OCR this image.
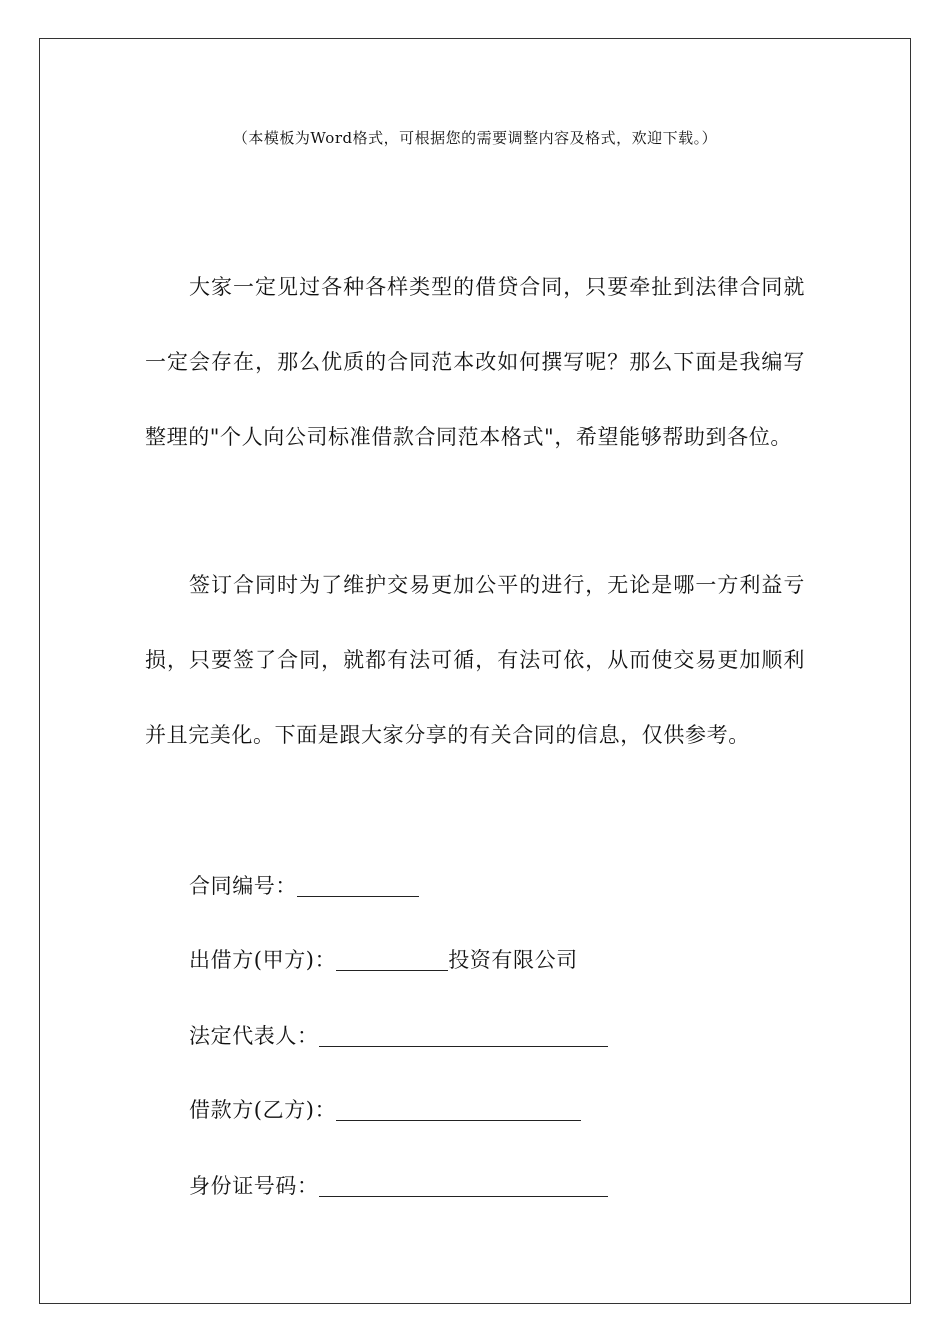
（本模板为Word格式，可根据您的需要调整内容及格式，欢迎下载。）

大家一定见过各种各样类型的借贷合同，只要牵扯到法律合同就一定会存在，那么优质的合同范本改如何撰写呢？那么下面是我编写整理的"个人向公司标准借款合同范本格式"，希望能够帮助到各位。

签订合同时为了维护交易更加公平的进行，无论是哪一方利益亏损，只要签了合同，就都有法可循，有法可依，从而使交易更加顺利并且完美化。下面是跟大家分享的有关合同的信息，仅供参考。

合同编号：
出借方(甲方)：	投资有限公司
法定代表人：
借款方(乙方)：
身份证号码：
